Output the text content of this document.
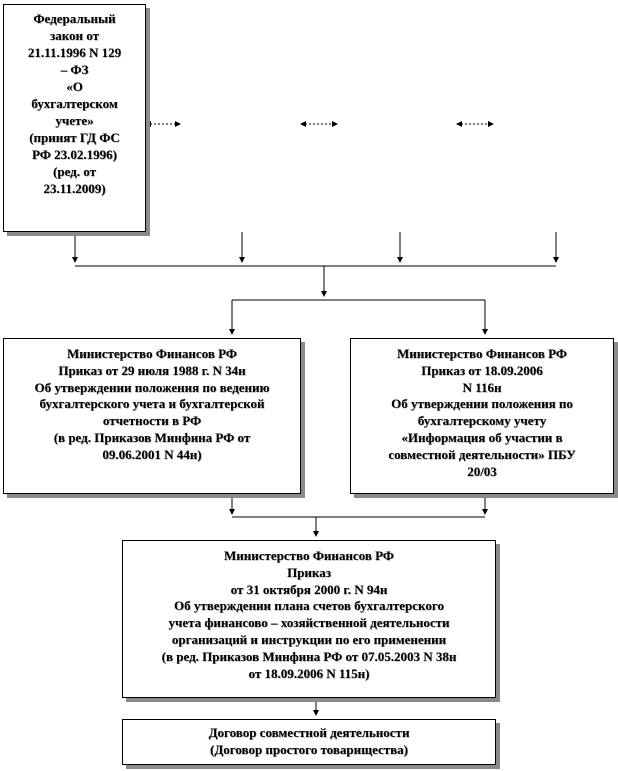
Федеральный
закон от
21.11.1996 N 129
– ФЗ
«О
бухгалтерском
учете»
(принят ГД ФС
РФ 23.02.1996)
(ред. от
23.11.2009)
Министерство Финансов РФ
Приказ от 29 июля 1988 г. N 34н
Об утверждении положения по ведению
бухгалтерского учета и бухгалтерской
отчетности в РФ
(в ред. Приказов Минфина РФ от
09.06.2001 N 44н)
Министерство Финансов РФ
Приказ от 18.09.2006
N 116н
Об утверждении положения по
бухгалтерскому учету
«Информация об участии в
совместной деятельности» ПБУ
20/03
Министерство Финансов РФ
Приказ
от 31 октября 2000 г. N 94н
Об утверждении плана счетов бухгалтерского
учета финансово – хозяйственной деятельности
организаций и инструкции по его применении
(в ред. Приказов Минфина РФ от 07.05.2003 N 38н
от 18.09.2006 N 115н)
Договор совместной деятельности
(Договор простого товарищества)
